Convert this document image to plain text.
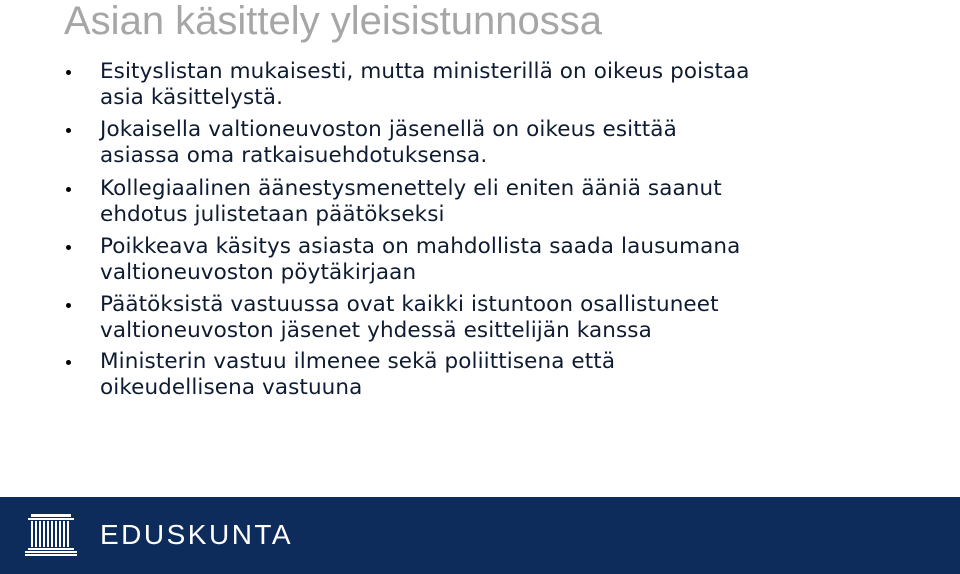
Asian käsittely yleisistunnossa
Esityslistan mukaisesti, mutta ministerillä on oikeus poistaa
asia käsittelystä.
Jokaisella valtioneuvoston jäsenellä on oikeus esittää
asiassa oma ratkaisuehdotuksensa.
Kollegiaalinen äänestysmenettely eli eniten ääniä saanut
ehdotus julistetaan päätökseksi
Poikkeava käsitys asiasta on mahdollista saada lausumana
valtioneuvoston pöytäkirjaan
Päätöksistä vastuussa ovat kaikki istuntoon osallistuneet
valtioneuvoston jäsenet yhdessä esittelijän kanssa
Ministerin vastuu ilmenee sekä poliittisena että
oikeudellisena vastuuna
EDUSKUNTA
